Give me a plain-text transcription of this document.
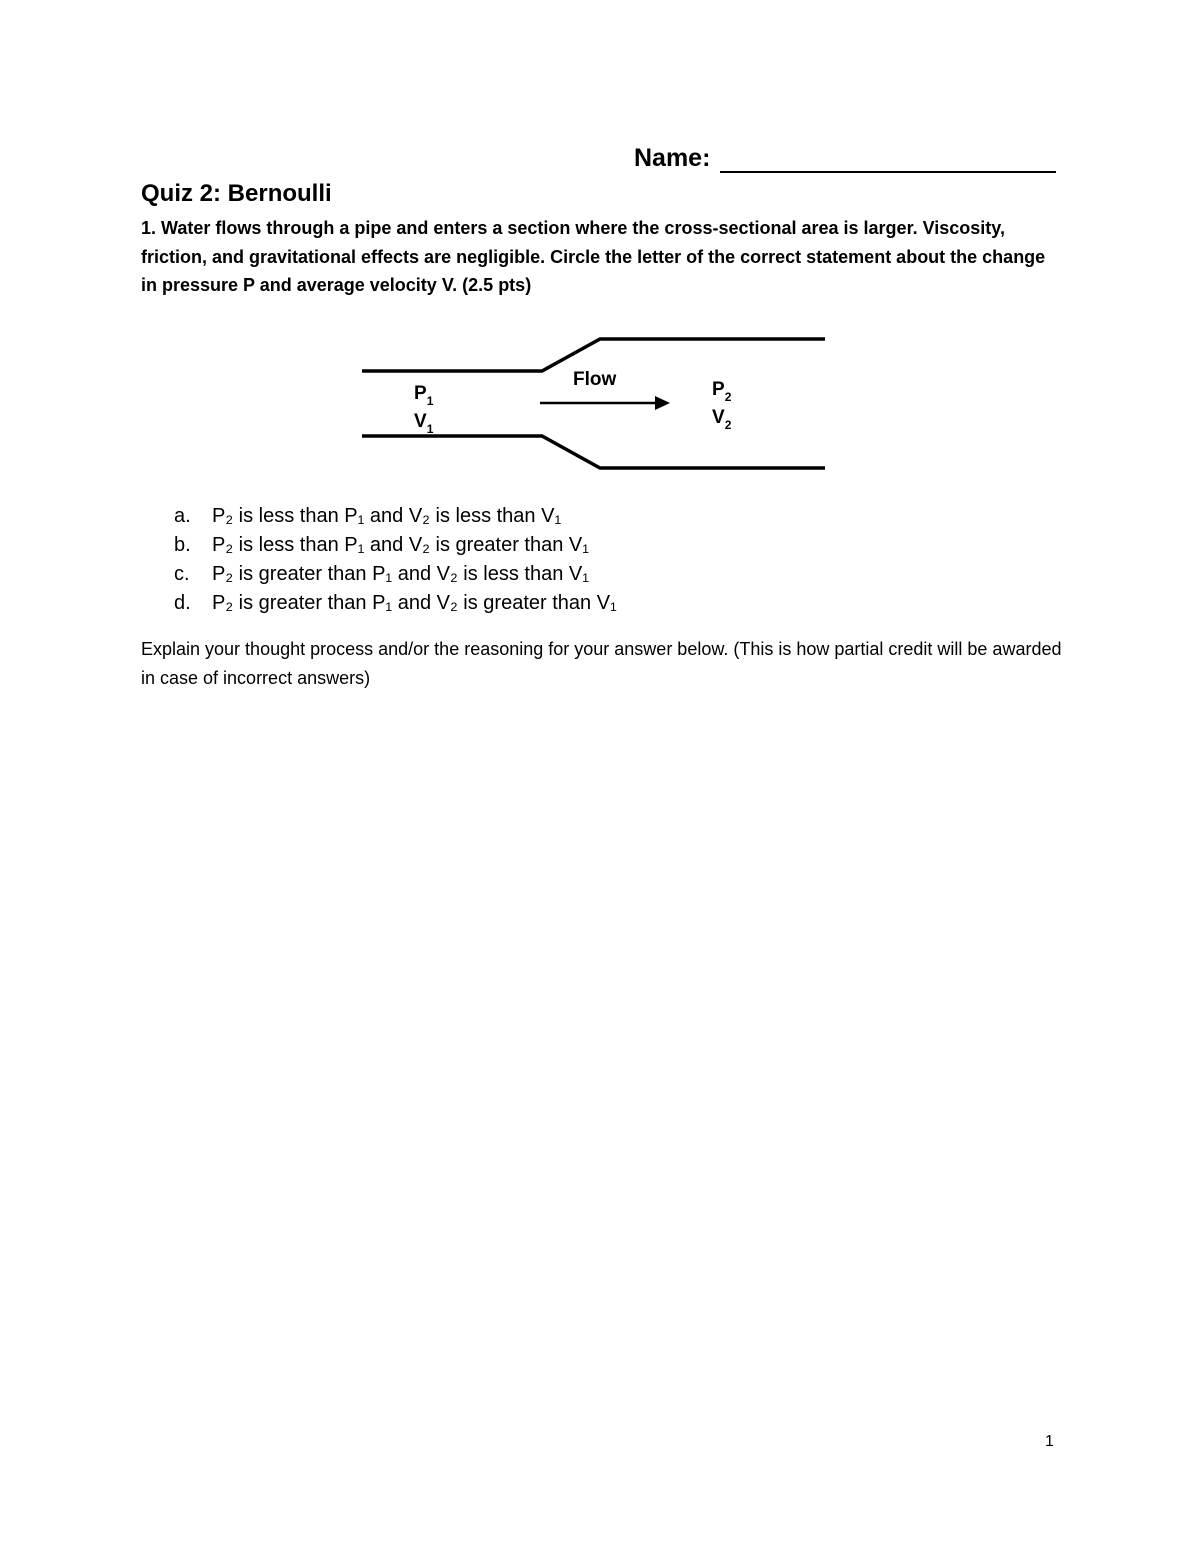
Name:
Quiz 2: Bernoulli

1. Water flows through a pipe and enters a section where the cross-sectional area is larger. Viscosity, friction, and gravitational effects are negligible. Circle the letter of the correct statement about the change in pressure P and average velocity V. (2.5 pts)

Flow
$P_1$
$V_1$
$P_2$
$V_2$
a.	P₂ is less than P₁ and V₂ is less than V₁
b.	P₂ is less than P₁ and V₂ is greater than V₁
c.	P₂ is greater than P₁ and V₂ is less than V₁
d.	P₂ is greater than P₁ and V₂ is greater than V₁

Explain your thought process and/or the reasoning for your answer below. (This is how partial credit will be awarded in case of incorrect answers)

1
